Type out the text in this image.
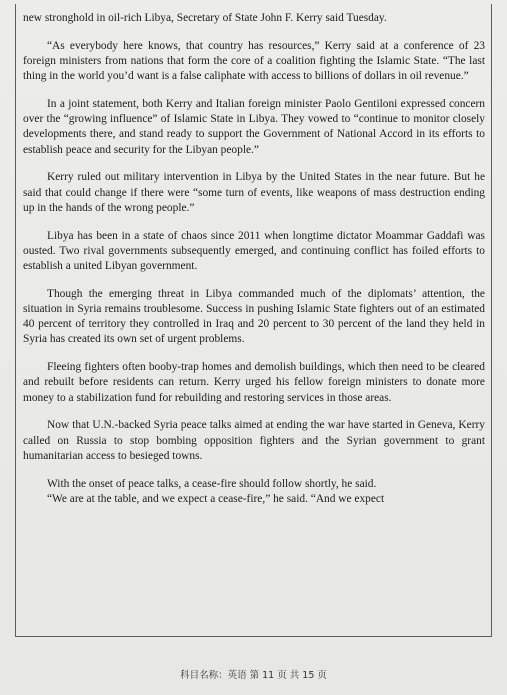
new stronghold in oil-rich Libya, Secretary of State John F. Kerry said Tuesday.

“As everybody here knows, that country has resources,” Kerry said at a conference of 23 foreign ministers from nations that form the core of a coalition fighting the Islamic State. “The last thing in the world you’d want is a false caliphate with access to billions of dollars in oil revenue.”

In a joint statement, both Kerry and Italian foreign minister Paolo Gentiloni expressed concern over the “growing influence” of Islamic State in Libya. They vowed to “continue to monitor closely developments there, and stand ready to support the Government of National Accord in its efforts to establish peace and security for the Libyan people.”

Kerry ruled out military intervention in Libya by the United States in the near future. But he said that could change if there were “some turn of events, like weapons of mass destruction ending up in the hands of the wrong people.”

Libya has been in a state of chaos since 2011 when longtime dictator Moammar Gaddafi was ousted. Two rival governments subsequently emerged, and continuing conflict has foiled efforts to establish a united Libyan government.

Though the emerging threat in Libya commanded much of the diplomats’ attention, the situation in Syria remains troublesome. Success in pushing Islamic State fighters out of an estimated 40 percent of territory they controlled in Iraq and 20 percent to 30 percent of the land they held in Syria has created its own set of urgent problems.

Fleeing fighters often booby-trap homes and demolish buildings, which then need to be cleared and rebuilt before residents can return. Kerry urged his fellow foreign ministers to donate more money to a stabilization fund for rebuilding and restoring services in those areas.

Now that U.N.-backed Syria peace talks aimed at ending the war have started in Geneva, Kerry called on Russia to stop bombing opposition fighters and the Syrian government to grant humanitarian access to besieged towns.

With the onset of peace talks, a cease-fire should follow shortly, he said.

“We are at the table, and we expect a cease-fire,” he said. “And we expect

科目名称：英语 第 11 页 共 15 页
